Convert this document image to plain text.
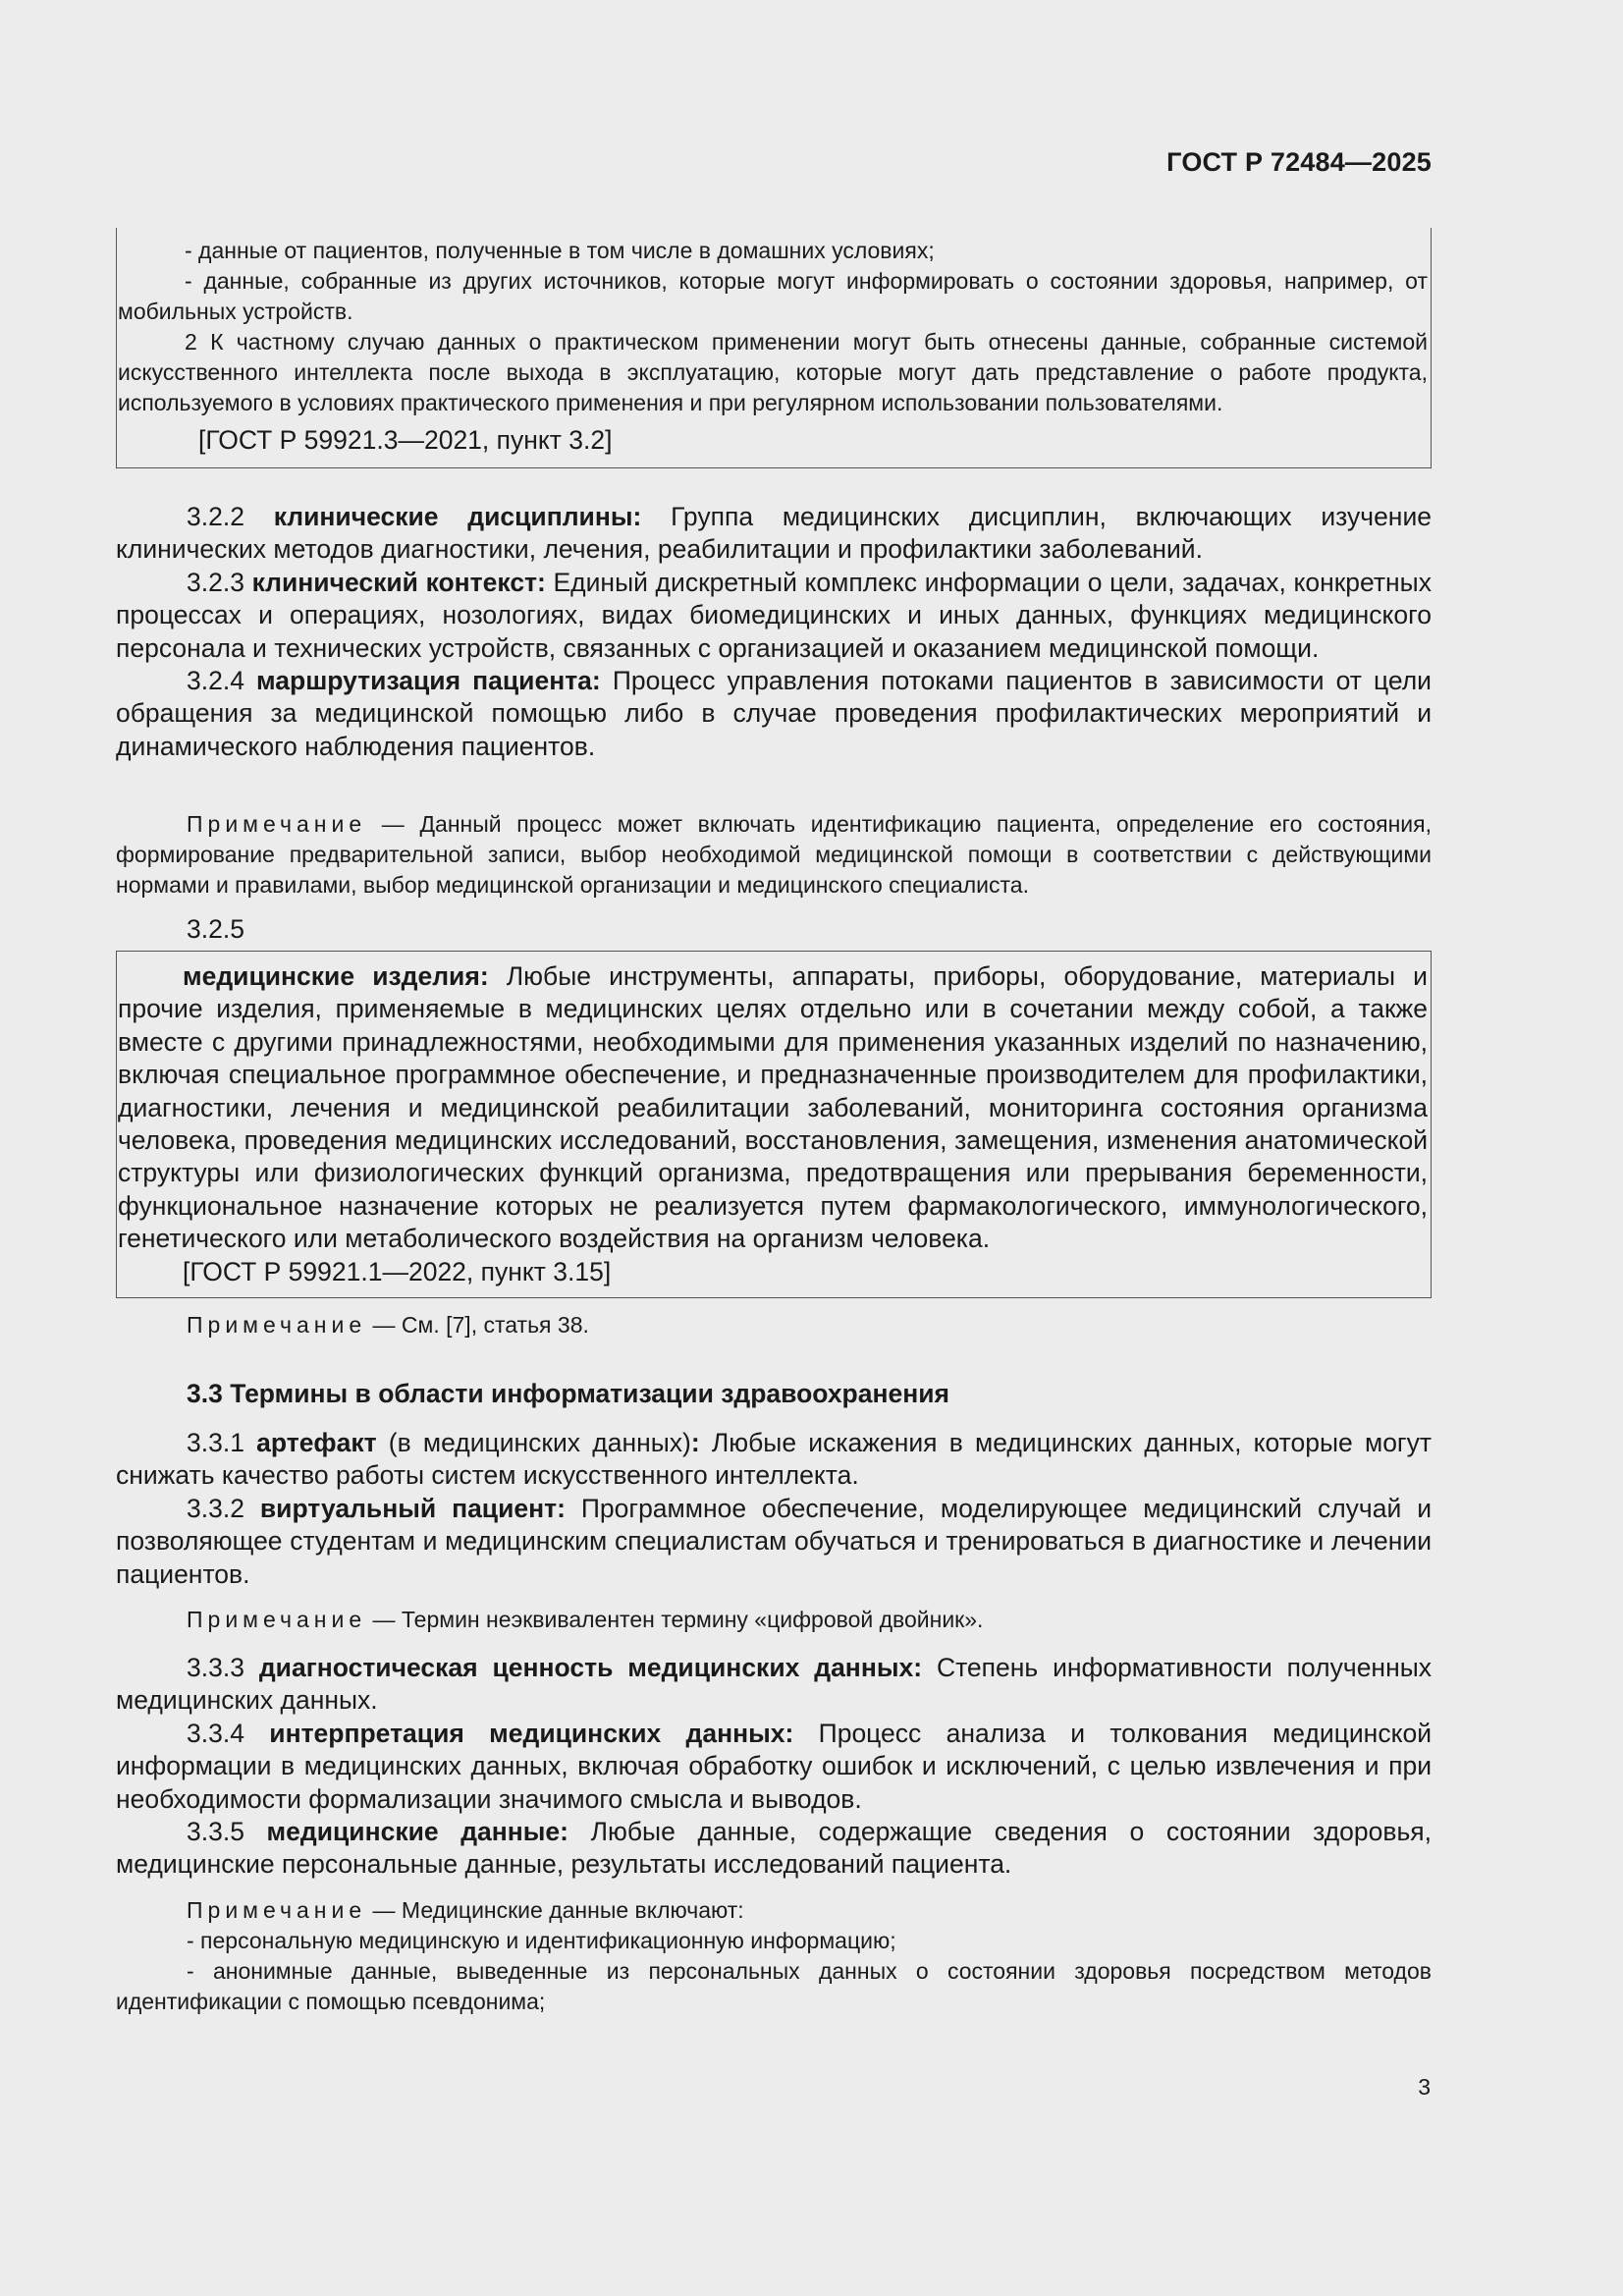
ГОСТ Р 72484—2025

- данные от пациентов, полученные в том числе в домашних условиях;

- данные, собранные из других источников, которые могут информировать о состоянии здоровья, например, от мобильных устройств.

2 К частному случаю данных о практическом применении могут быть отнесены данные, собранные системой искусственного интеллекта после выхода в эксплуатацию, которые могут дать представление о работе продукта, используемого в условиях практического применения и при регулярном использовании пользователями.

[ГОСТ Р 59921.3—2021, пункт 3.2]

3.2.2 клинические дисциплины: Группа медицинских дисциплин, включающих изучение клинических методов диагностики, лечения, реабилитации и профилактики заболеваний.

3.2.3 клинический контекст: Единый дискретный комплекс информации о цели, задачах, конкретных процессах и операциях, нозологиях, видах биомедицинских и иных данных, функциях медицинского персонала и технических устройств, связанных с организацией и оказанием медицинской помощи.

3.2.4 маршрутизация пациента: Процесс управления потоками пациентов в зависимости от цели обращения за медицинской помощью либо в случае проведения профилактических мероприятий и динамического наблюдения пациентов.

Примечание — Данный процесс может включать идентификацию пациента, определение его состояния, формирование предварительной записи, выбор необходимой медицинской помощи в соответствии с действующими нормами и правилами, выбор медицинской организации и медицинского специалиста.

3.2.5

медицинские изделия: Любые инструменты, аппараты, приборы, оборудование, материалы и прочие изделия, применяемые в медицинских целях отдельно или в сочетании между собой, а также вместе с другими принадлежностями, необходимыми для применения указанных изделий по назначению, включая специальное программное обеспечение, и предназначенные производителем для профилактики, диагностики, лечения и медицинской реабилитации заболеваний, мониторинга состояния организма человека, проведения медицинских исследований, восстановления, замещения, изменения анатомической структуры или физиологических функций организма, предотвращения или прерывания беременности, функциональное назначение которых не реализуется путем фармакологического, иммунологического, генетического или метаболического воздействия на организм человека.

[ГОСТ Р 59921.1—2022, пункт 3.15]

Примечание — См. [7], статья 38.
3.3 Термины в области информатизации здравоохранения

3.3.1 артефакт (в медицинских данных): Любые искажения в медицинских данных, которые могут снижать качество работы систем искусственного интеллекта.

3.3.2 виртуальный пациент: Программное обеспечение, моделирующее медицинский случай и позволяющее студентам и медицинским специалистам обучаться и тренироваться в диагностике и лечении пациентов.

Примечание — Термин неэквивалентен термину «цифровой двойник».

3.3.3 диагностическая ценность медицинских данных: Степень информативности полученных медицинских данных.

3.3.4 интерпретация медицинских данных: Процесс анализа и толкования медицинской информации в медицинских данных, включая обработку ошибок и исключений, с целью извлечения и при необходимости формализации значимого смысла и выводов.

3.3.5 медицинские данные: Любые данные, содержащие сведения о состоянии здоровья, медицинские персональные данные, результаты исследований пациента.

Примечание — Медицинские данные включают:

- персональную медицинскую и идентификационную информацию;

- анонимные данные, выведенные из персональных данных о состоянии здоровья посредством методов идентификации с помощью псевдонима;

3
